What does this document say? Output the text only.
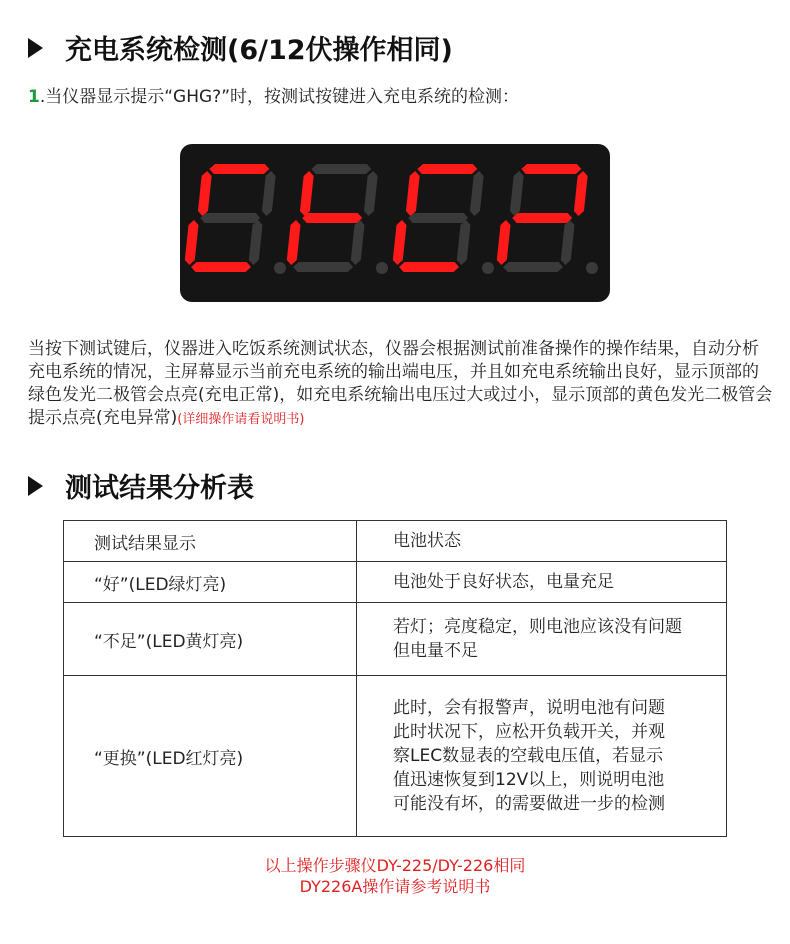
充电系统检测(6/12伏操作相同)
1.当仪器显示提示“GHG?”时，按测试按键进入充电系统的检测：
当按下测试键后，仪器进入吃饭系统测试状态，仪器会根据测试前准备操作的操作结果，自动分析充电系统的情况，主屏幕显示当前充电系统的输出端电压，并且如充电系统输出良好，显示顶部的绿色发光二极管会点亮(充电正常)，如充电系统输出电压过大或过小，显示顶部的黄色发光二极管会提示点亮(充电异常)(详细操作请看说明书)
测试结果分析表
测试结果显示	电池状态
“好”(LED绿灯亮)	电池处于良好状态，电量充足

“不足”(LED黄灯亮)	若灯；亮度稳定，则电池应该没有问题
但电量不足

“更换”(LED红灯亮)	此时，会有报警声，说明电池有问题
此时状况下，应松开负载开关，并观
察LEC数显表的空载电压值，若显示
值迅速恢复到12V以上，则说明电池
可能没有坏，的需要做进一步的检测
以上操作步骤仪DY-225/DY-226相同
DY226A操作请参考说明书
